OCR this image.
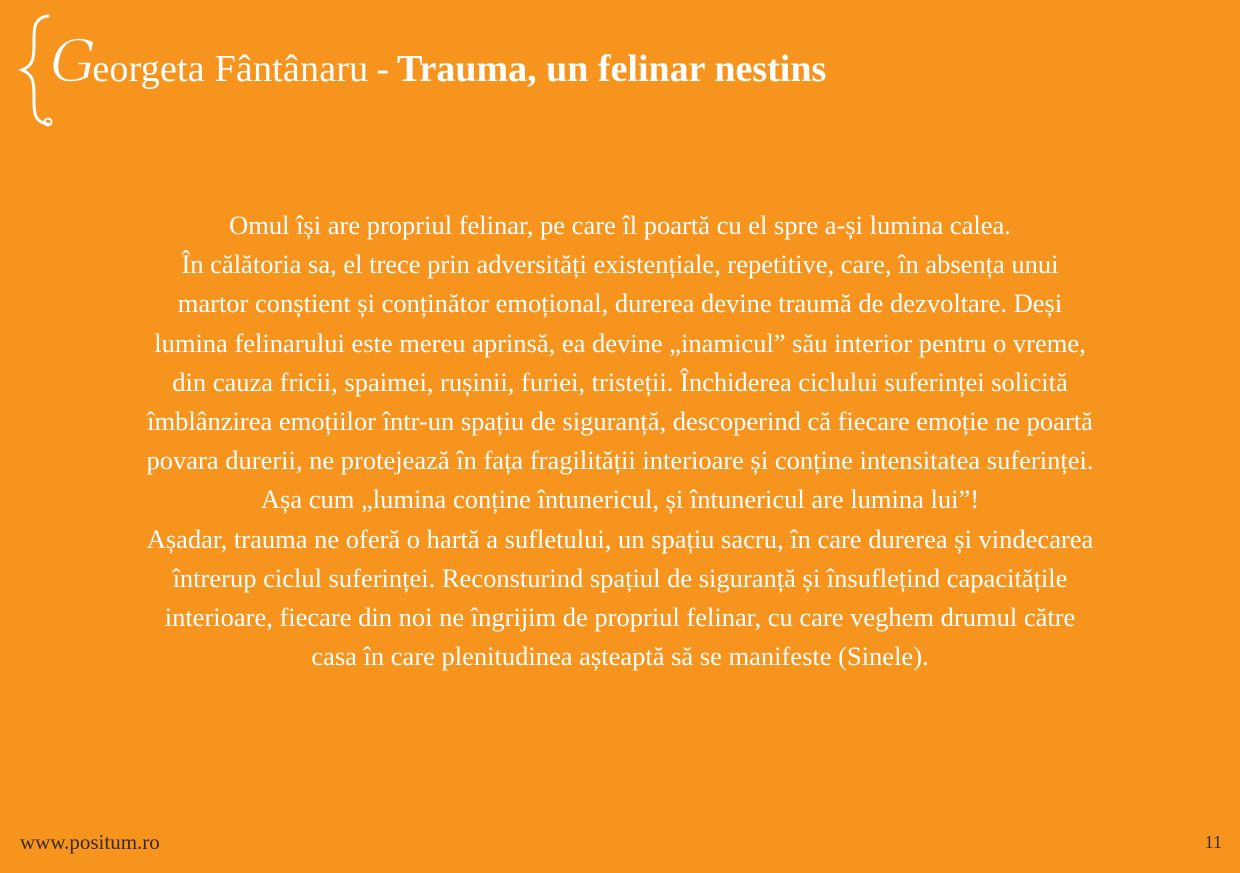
G
eorgeta Fântânaru - Trauma, un felinar nestins
Omul își are propriul felinar, pe care îl poartă cu el spre a-și lumina calea.
În călătoria sa, el trece prin adversități existențiale, repetitive, care, în absența unui
martor conștient și conținător emoțional, durerea devine traumă de dezvoltare. Deși
lumina felinarului este mereu aprinsă, ea devine „inamicul” său interior pentru o vreme,
din cauza fricii, spaimei, rușinii, furiei, tristeții. Închiderea ciclului suferinței solicită
îmblânzirea emoțiilor într-un spațiu de siguranță, descoperind că fiecare emoție ne poartă
povara durerii, ne protejează în fața fragilității interioare și conține intensitatea suferinței.
Așa cum „lumina conține întunericul, și întunericul are lumina lui”!
Așadar, trauma ne oferă o hartă a sufletului, un spațiu sacru, în care durerea și vindecarea
întrerup ciclul suferinței. Reconsturind spațiul de siguranță și însuflețind capacitățile
interioare, fiecare din noi ne îngrijim de propriul felinar, cu care veghem drumul către
casa în care plenitudinea așteaptă să se manifeste (Sinele).
www.positum.ro	11
